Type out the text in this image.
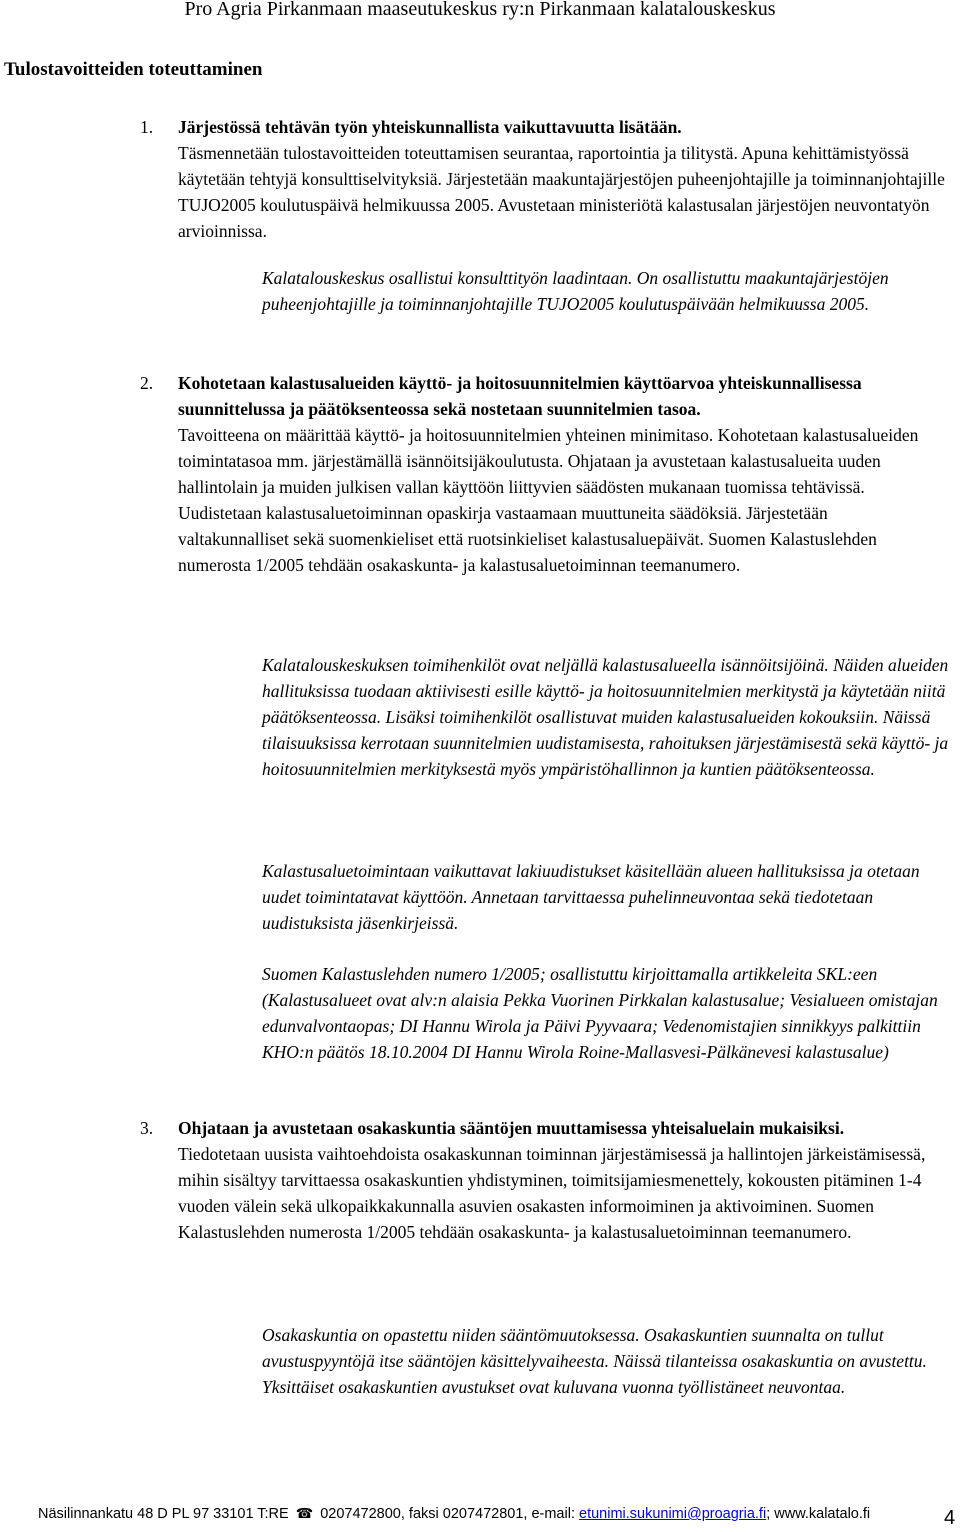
Pro Agria Pirkanmaan maaseutukeskus ry:n Pirkanmaan kalatalouskeskus
Tulostavoitteiden toteuttaminen
1. Järjestössä tehtävän työn yhteiskunnallista vaikuttavuutta lisätään.

Täsmennetään tulostavoitteiden toteuttamisen seurantaa, raportointia ja tilitystä. Apuna kehittämistyössä käytetään tehtyjä konsulttiselvityksiä. Järjestetään maakuntajärjestöjen puheenjohtajille ja toiminnanjohtajille TUJO2005 koulutuspäivä helmikuussa 2005. Avustetaan ministeriötä kalastusalan järjestöjen neuvontatyön arvioinnissa.

Kalatalouskeskus osallistui konsulttityön laadintaan. On osallistuttu maakuntajärjestöjen puheenjohtajille ja toiminnanjohtajille TUJO2005 koulutuspäivään helmikuussa 2005.
2. Kohotetaan kalastusalueiden käyttö- ja hoitosuunnitelmien käyttöarvoa yhteiskunnallisessa suunnittelussa ja päätöksenteossa sekä nostetaan suunnitelmien tasoa.

Tavoitteena on määrittää käyttö- ja hoitosuunnitelmien yhteinen minimitaso. Kohotetaan kalastusalueiden toimintatasoa mm. järjestämällä isännöitsijäkoulutusta. Ohjataan ja avustetaan kalastusalueita uuden hallintolain ja muiden julkisen vallan käyttöön liittyvien säädösten mukanaan tuomissa tehtävissä. Uudistetaan kalastusaluetoiminnan opaskirja vastaamaan muuttuneita säädöksiä. Järjestetään valtakunnalliset sekä suomenkieliset että ruotsinkieliset kalastusaluepäivät. Suomen Kalastuslehden numerosta 1/2005 tehdään osakaskunta- ja kalastusaluetoiminnan teemanumero.

Kalatalouskeskuksen toimihenkilöt ovat neljällä kalastusalueella isännöitsijöinä. Näiden alueiden hallituksissa tuodaan aktiivisesti esille käyttö- ja hoitosuunnitelmien merkitystä ja käytetään niitä päätöksenteossa. Lisäksi toimihenkilöt osallistuvat muiden kalastusalueiden kokouksiin. Näissä tilaisuuksissa kerrotaan suunnitelmien uudistamisesta, rahoituksen järjestämisestä sekä käyttö- ja hoitosuunnitelmien merkityksestä myös ympäristöhallinnon ja kuntien päätöksenteossa.
Kalastusaluetoimintaan vaikuttavat lakiuudistukset käsitellään alueen hallituksissa ja otetaan uudet toimintatavat käyttöön. Annetaan tarvittaessa puhelinneuvontaa sekä tiedotetaan uudistuksista jäsenkirjeissä.
Suomen Kalastuslehden numero 1/2005; osallistuttu kirjoittamalla artikkeleita SKL:een (Kalastusalueet ovat alv:n alaisia Pekka Vuorinen Pirkkalan kalastusalue; Vesialueen omistajan edunvalvontaopas; DI Hannu Wirola ja Päivi Pyyvaara; Vedenomistajien sinnikkyys palkittiin KHO:n päätös 18.10.2004 DI Hannu Wirola Roine-Mallasvesi-Pälkänevesi kalastusalue)
3. Ohjataan ja avustetaan osakaskuntia sääntöjen muuttamisessa yhteisaluelain mukaisiksi.

Tiedotetaan uusista vaihtoehdoista osakaskunnan toiminnan järjestämisessä ja hallintojen järkeistämisessä, mihin sisältyy tarvittaessa osakaskuntien yhdistyminen, toimitsijamiesmenettely, kokousten pitäminen 1-4 vuoden välein sekä ulkopaikkakunnalla asuvien osakasten informoiminen ja aktivoiminen. Suomen Kalastuslehden numerosta 1/2005 tehdään osakaskunta- ja kalastusaluetoiminnan teemanumero.

Osakaskuntia on opastettu niiden sääntömuutoksessa. Osakaskuntien suunnalta on tullut avustuspyyntöjä itse sääntöjen käsittelyvaiheesta. Näissä tilanteissa osakaskuntia on avustettu. Yksittäiset osakaskuntien avustukset ovat kuluvana vuonna työllistäneet neuvontaa.
Näsilinnankatu 48 D PL 97 33101 T:RE ☎ 0207472800, faksi 0207472801, e-mail: etunimi.sukunimi@proagria.fi; www.kalatalo.fi	4
